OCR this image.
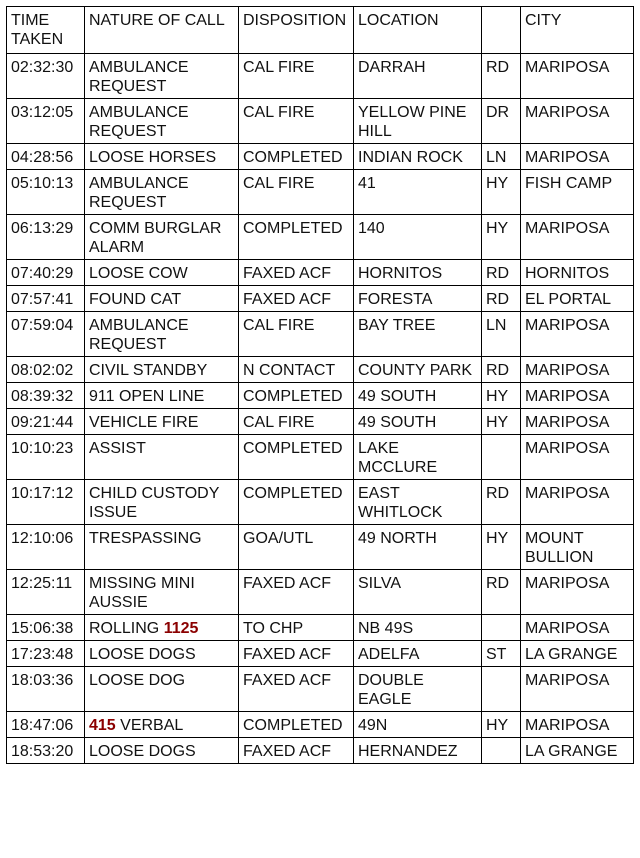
TIME TAKEN	NATURE OF CALL	DISPOSITION	LOCATION		CITY
02:32:30	AMBULANCE REQUEST	CAL FIRE	DARRAH	RD	MARIPOSA
03:12:05	AMBULANCE REQUEST	CAL FIRE	YELLOW PINE HILL	DR	MARIPOSA
04:28:56	LOOSE HORSES	COMPLETED	INDIAN ROCK	LN	MARIPOSA
05:10:13	AMBULANCE REQUEST	CAL FIRE	41	HY	FISH CAMP
06:13:29	COMM BURGLAR ALARM	COMPLETED	140	HY	MARIPOSA
07:40:29	LOOSE COW	FAXED ACF	HORNITOS	RD	HORNITOS
07:57:41	FOUND CAT	FAXED ACF	FORESTA	RD	EL PORTAL
07:59:04	AMBULANCE REQUEST	CAL FIRE	BAY TREE	LN	MARIPOSA
08:02:02	CIVIL STANDBY	N CONTACT	COUNTY PARK	RD	MARIPOSA
08:39:32	911 OPEN LINE	COMPLETED	49 SOUTH	HY	MARIPOSA
09:21:44	VEHICLE FIRE	CAL FIRE	49 SOUTH	HY	MARIPOSA
10:10:23	ASSIST	COMPLETED	LAKE MCCLURE		MARIPOSA
10:17:12	CHILD CUSTODY ISSUE	COMPLETED	EAST WHITLOCK	RD	MARIPOSA
12:10:06	TRESPASSING	GOA/UTL	49 NORTH	HY	MOUNT BULLION
12:25:11	MISSING MINI AUSSIE	FAXED ACF	SILVA	RD	MARIPOSA
15:06:38	ROLLING 1125	TO CHP	NB 49S		MARIPOSA
17:23:48	LOOSE DOGS	FAXED ACF	ADELFA	ST	LA GRANGE
18:03:36	LOOSE DOG	FAXED ACF	DOUBLE EAGLE		MARIPOSA
18:47:06	415 VERBAL	COMPLETED	49N	HY	MARIPOSA
18:53:20	LOOSE DOGS	FAXED ACF	HERNANDEZ		LA GRANGE
